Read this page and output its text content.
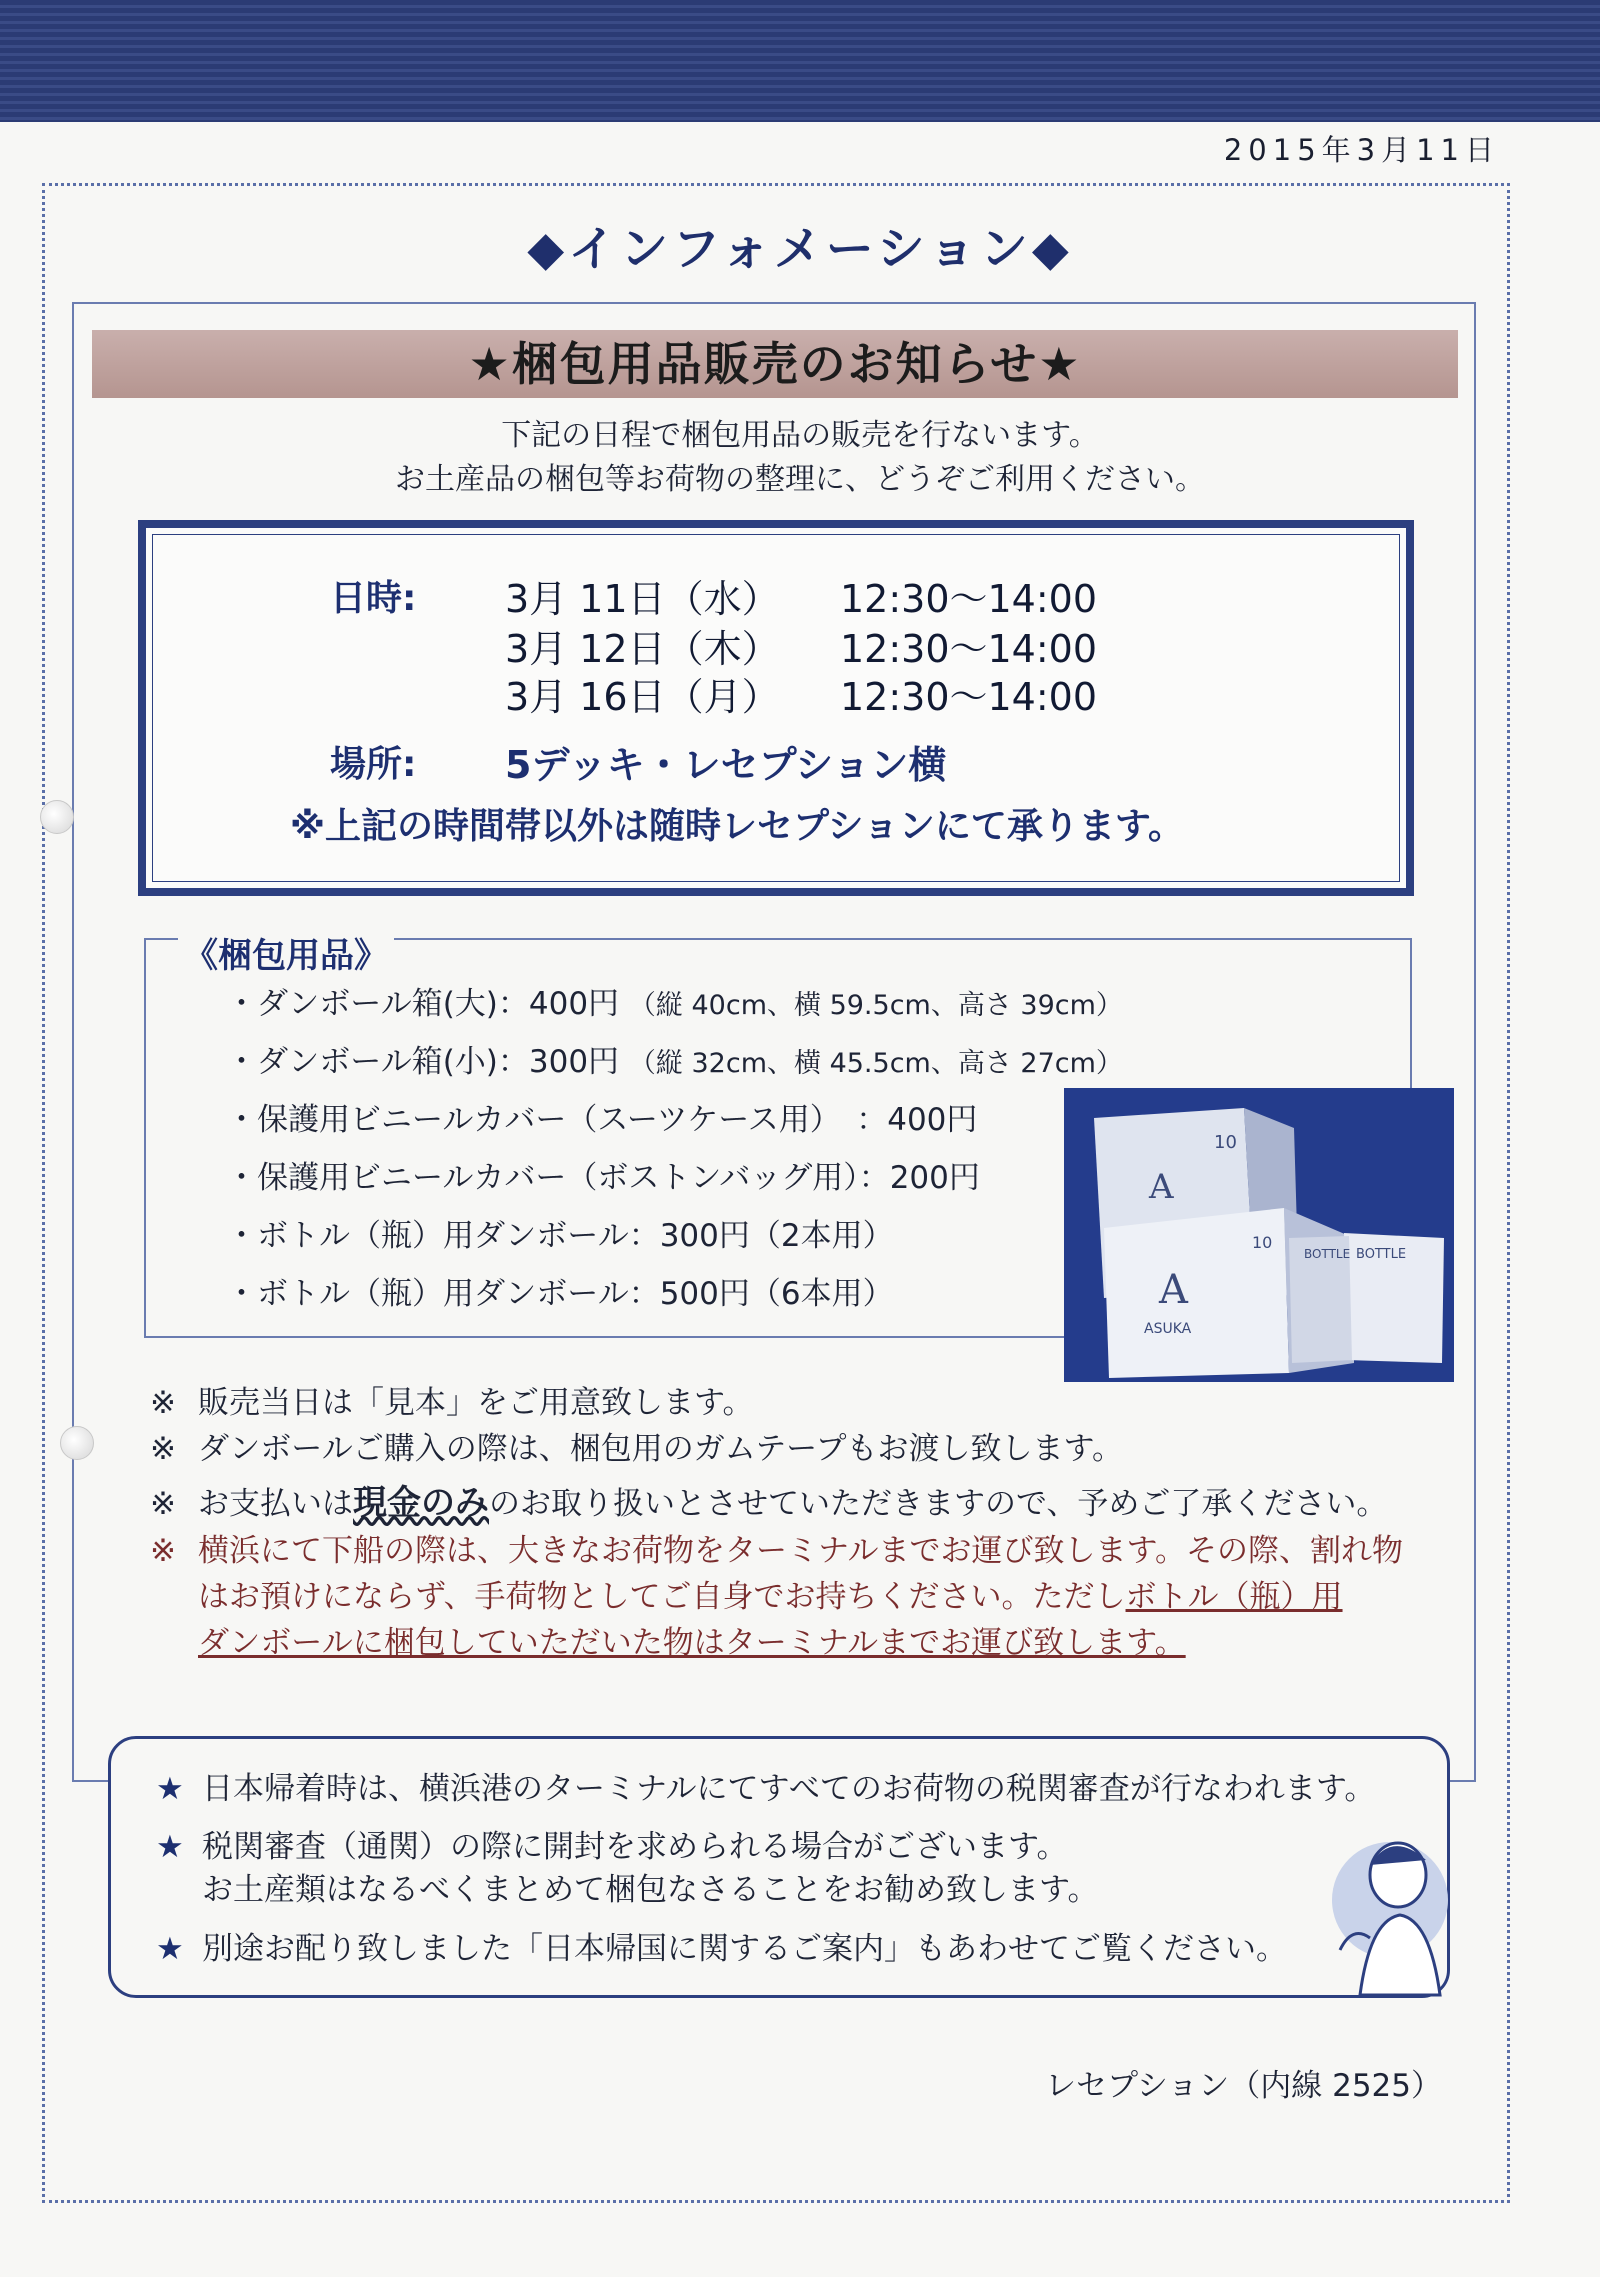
2015年3月11日
◆インフォメーション◆
★梱包用品販売のお知らせ★
下記の日程で梱包用品の販売を行ないます。
お土産品の梱包等お荷物の整理に、どうぞご利用ください。
日時: 3月 11日（水） 12:30〜14:00
3月 12日（木） 12:30〜14:00
3月 16日（月） 12:30〜14:00
場所: 5デッキ・レセプション横
※上記の時間帯以外は随時レセプションにて承ります。
《梱包用品》
・ダンボール箱(大)：400円 （縦 40cm、横 59.5cm、高さ 39cm）
・ダンボール箱(小)：300円 （縦 32cm、横 45.5cm、高さ 27cm）
・保護用ビニールカバー（スーツケース用）　：400円
・保護用ビニールカバー（ボストンバッグ用）：200円
・ボトル（瓶）用ダンボール：300円（2本用）
・ボトル（瓶）用ダンボール：500円（6本用）
A
A
ASUKA
10
10
BOTTLE
BOTTLE
※ 販売当日は「見本」をご用意致します。
※ ダンボールご購入の際は、梱包用のガムテープもお渡し致します。
※ お支払いは現金のみのお取り扱いとさせていただきますので、予めご了承ください。
※ 横浜にて下船の際は、大きなお荷物をターミナルまでお運び致します。その際、割れ物
はお預けにならず、手荷物としてご自身でお持ちください。ただしボトル（瓶）用
ダンボールに梱包していただいた物はターミナルまでお運び致します。
★ 日本帰着時は、横浜港のターミナルにてすべてのお荷物の税関審査が行なわれます。
★ 税関審査（通関）の際に開封を求められる場合がございます。
お土産類はなるべくまとめて梱包なさることをお勧め致します。
★ 別途お配り致しました「日本帰国に関するご案内」もあわせてご覧ください。
レセプション（内線 2525）
